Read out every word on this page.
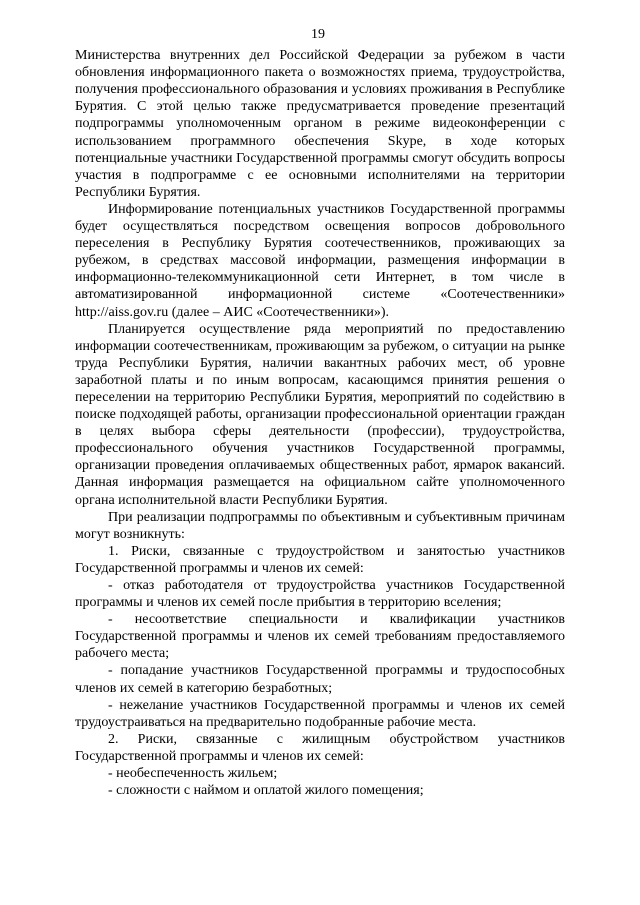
19

Министерства внутренних дел Российской Федерации за рубежом в части обновления информационного пакета о возможностях приема, трудоустройства, получения профессионального образования и условиях проживания в Республике Бурятия. С этой целью также предусматривается проведение презентаций подпрограммы уполномоченным органом в режиме видеоконференции с использованием программного обеспечения Skype, в ходе которых потенциальные участники Государственной программы смогут обсудить вопросы участия в подпрограмме с ее основными исполнителями на территории Республики Бурятия.

Информирование потенциальных участников Государственной программы будет осуществляться посредством освещения вопросов добровольного переселения в Республику Бурятия соотечественников, проживающих за рубежом, в средствах массовой информации, размещения информации в информационно-телекоммуникационной сети Интернет, в том числе в автоматизированной информационной системе «Соотечественники» http://aiss.gov.ru (далее – АИС «Соотечественники»).

Планируется осуществление ряда мероприятий по предоставлению информации соотечественникам, проживающим за рубежом, о ситуации на рынке труда Республики Бурятия, наличии вакантных рабочих мест, об уровне заработной платы и по иным вопросам, касающимся принятия решения о переселении на территорию Республики Бурятия, мероприятий по содействию в поиске подходящей работы, организации профессиональной ориентации граждан в целях выбора сферы деятельности (профессии), трудоустройства, профессионального обучения участников Государственной программы, организации проведения оплачиваемых общественных работ, ярмарок вакансий. Данная информация размещается на официальном сайте уполномоченного органа исполнительной власти Республики Бурятия.

При реализации подпрограммы по объективным и субъективным причинам могут возникнуть:

1. Риски, связанные с трудоустройством и занятостью участников Государственной программы и членов их семей:

- отказ работодателя от трудоустройства участников Государственной программы и членов их семей после прибытия в территорию вселения;

- несоответствие специальности и квалификации участников Государственной программы и членов их семей требованиям предоставляемого рабочего места;

- попадание участников Государственной программы и трудоспособных членов их семей в категорию безработных;

- нежелание участников Государственной программы и членов их семей трудоустраиваться на предварительно подобранные рабочие места.

2. Риски, связанные с жилищным обустройством участников Государственной программы и членов их семей:

- необеспеченность жильем;

- сложности с наймом и оплатой жилого помещения;
